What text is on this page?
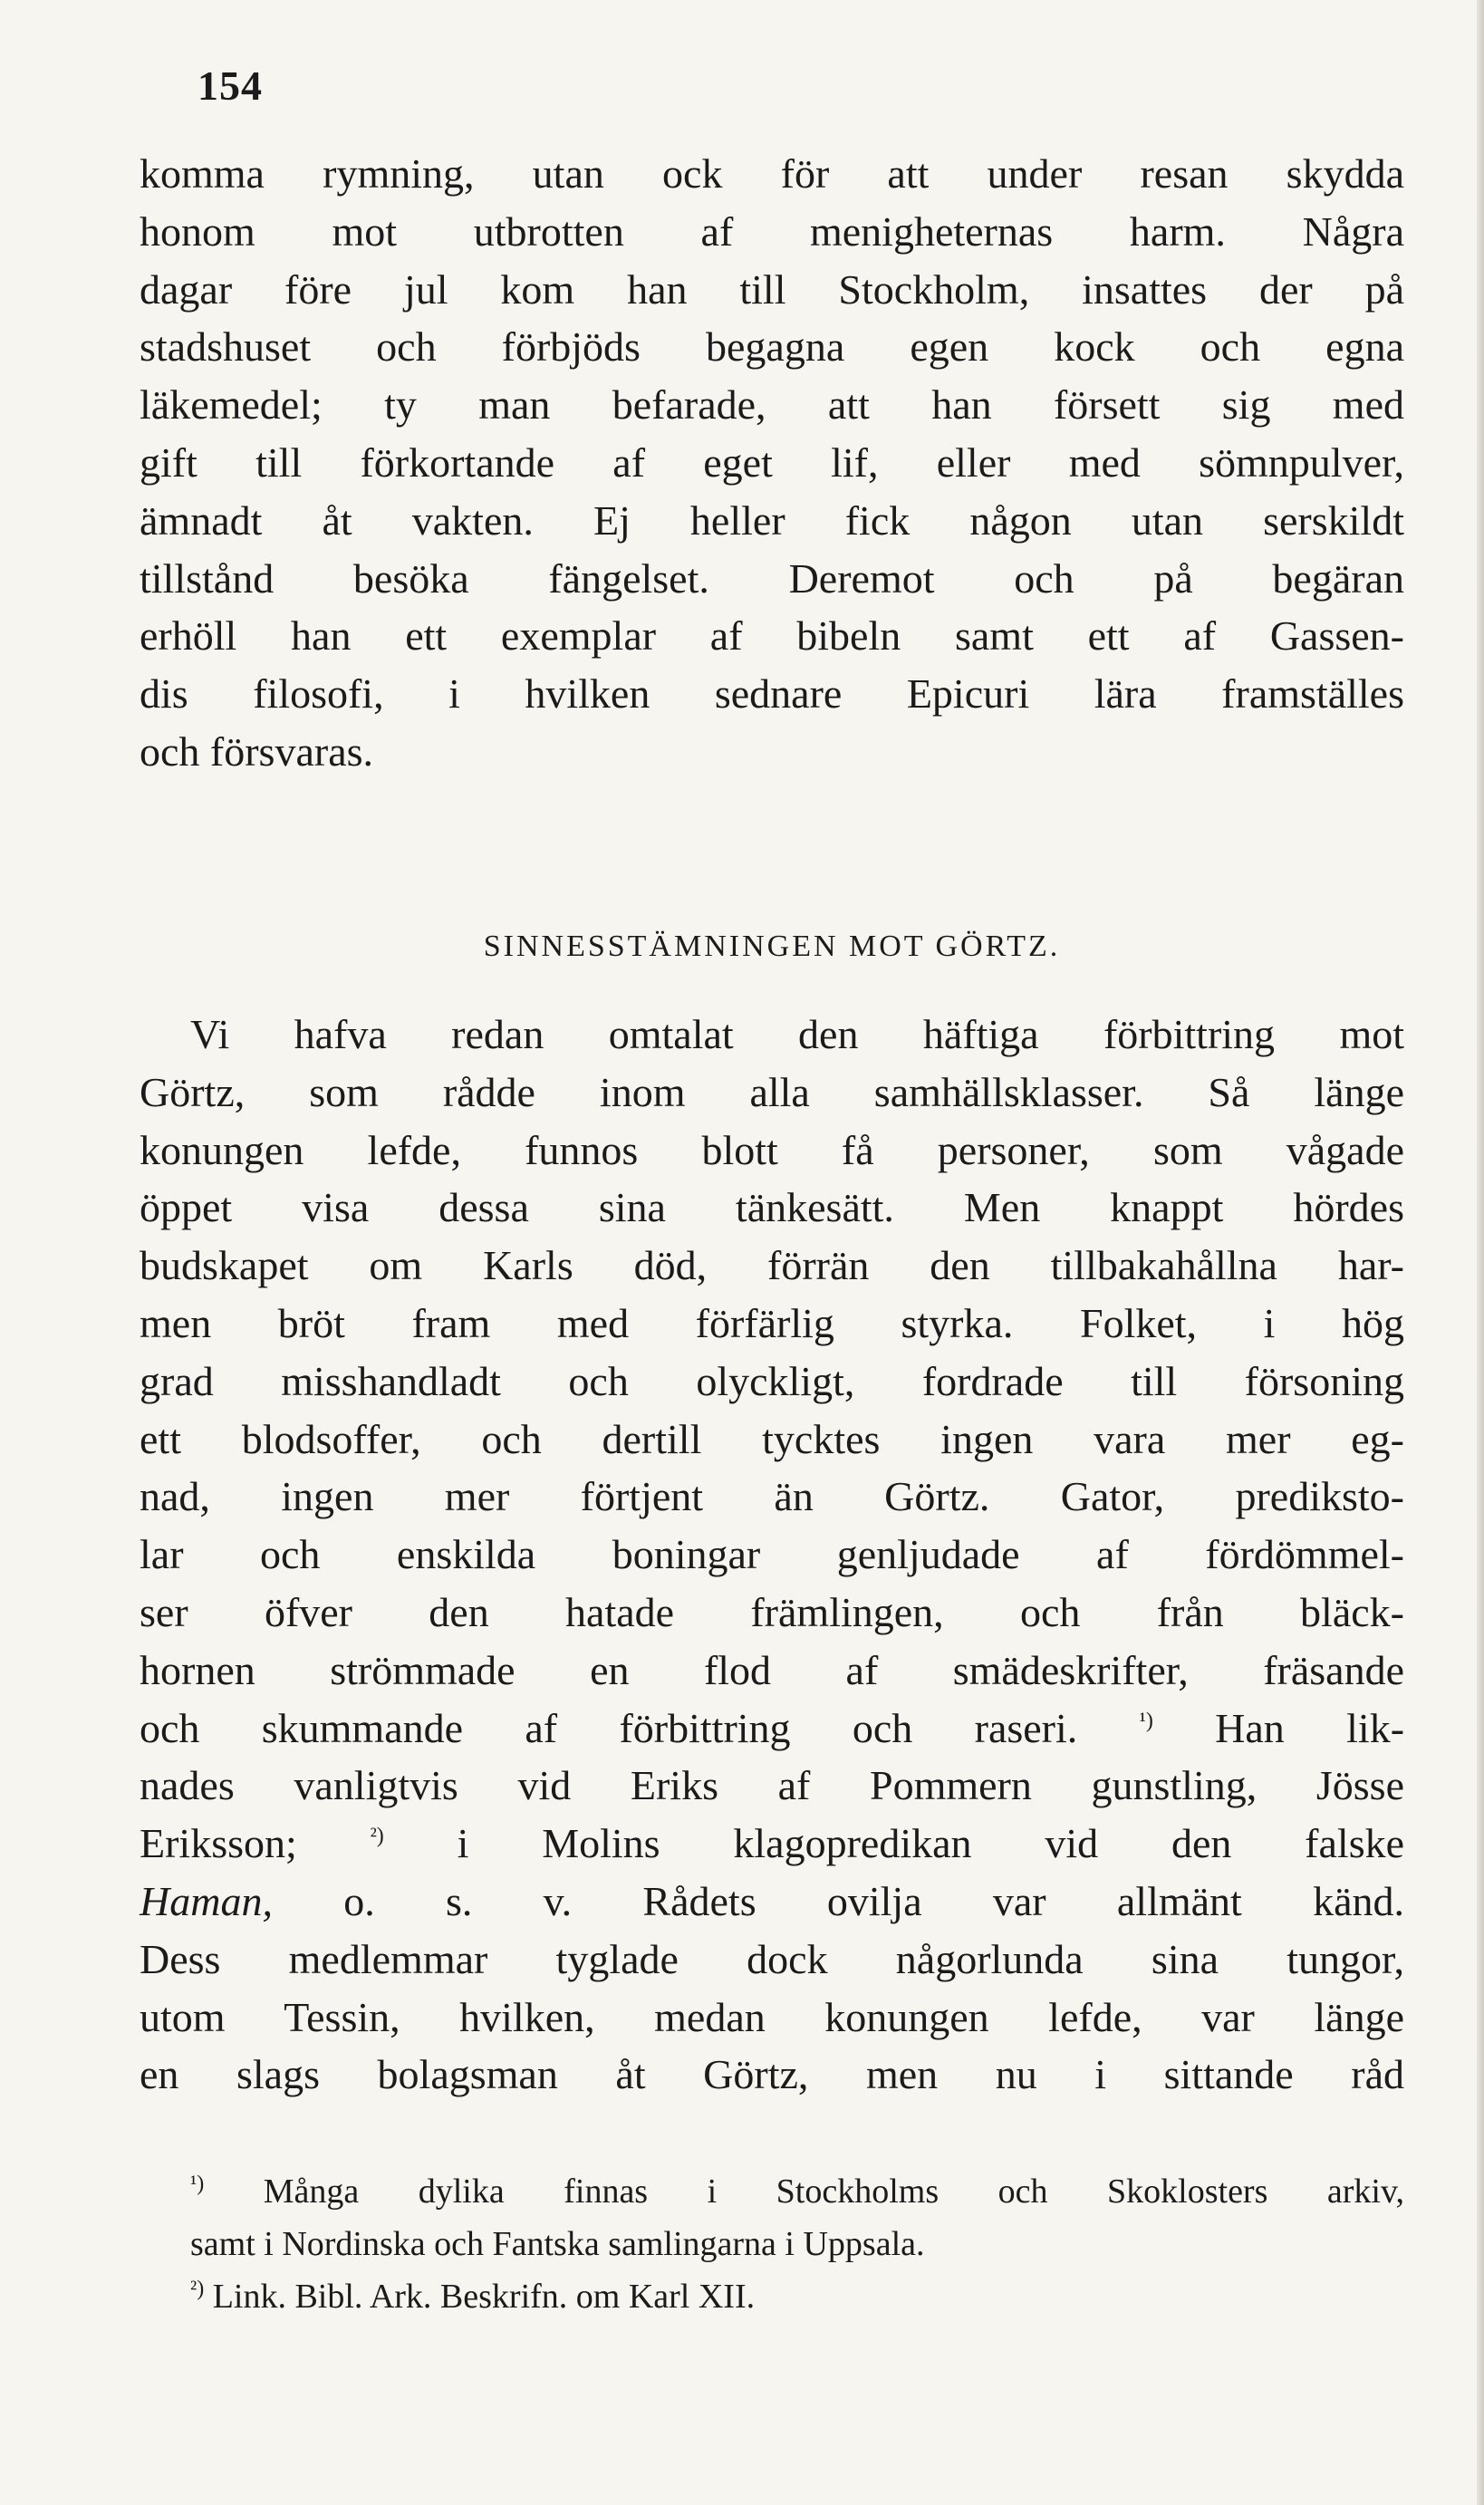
154
komma rymning, utan ock för att under resan skydda
honom mot utbrotten af menigheternas harm. Några
dagar före jul kom han till Stockholm, insattes der på
stadshuset och förbjöds begagna egen kock och egna
läkemedel; ty man befarade, att han försett sig med
gift till förkortande af eget lif, eller med sömnpulver,
ämnadt åt vakten. Ej heller fick någon utan serskildt
tillstånd besöka fängelset. Deremot och på begäran
erhöll han ett exemplar af bibeln samt ett af Gassen-
dis filosofi, i hvilken sednare Epicuri lära framställes
och försvaras.
SINNESSTÄMNINGEN MOT GÖRTZ.
Vi hafva redan omtalat den häftiga förbittring mot
Görtz, som rådde inom alla samhällsklasser. Så länge
konungen lefde, funnos blott få personer, som vågade
öppet visa dessa sina tänkesätt. Men knappt hördes
budskapet om Karls död, förrän den tillbakahållna har-
men bröt fram med förfärlig styrka. Folket, i hög
grad misshandladt och olyckligt, fordrade till försoning
ett blodsoffer, och dertill tycktes ingen vara mer eg-
nad, ingen mer förtjent än Görtz. Gator, prediksto-
lar och enskilda boningar genljudade af fördömmel-
ser öfver den hatade främlingen, och från bläck-
hornen strömmade en flod af smädeskrifter, fräsande
och skummande af förbittring och raseri.	$^{^1)}$ Han lik-
nades vanligtvis vid Eriks af Pommern gunstling, Jösse
Eriksson;	$^{^2)}$ i Molins klagopredikan vid den falske
Haman, o. s. v. Rådets ovilja var allmänt känd.
Dess medlemmar tyglade dock någorlunda sina tungor,
utom Tessin, hvilken, medan konungen lefde, var länge
en slags bolagsman åt Görtz, men nu i sittande råd
$^{^1)}$ Många dylika finnas i Stockholms och Skoklosters arkiv,
samt i Nordinska och Fantska samlingarna i Uppsala.
$^{^2)}$ Link. Bibl. Ark. Beskrifn. om Karl XII.
